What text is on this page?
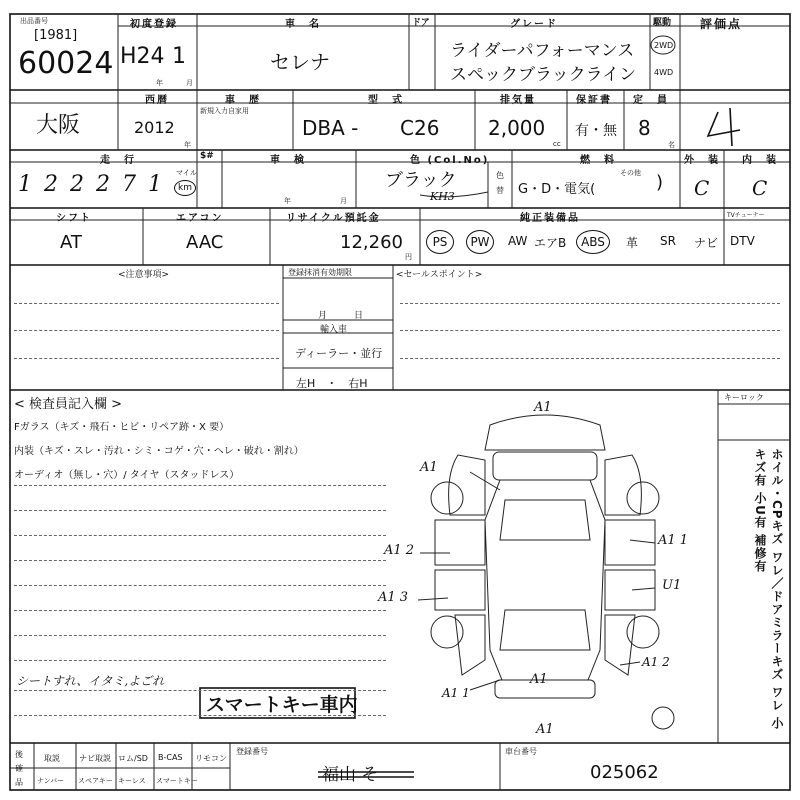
出品番号
[1981]
60024
初度登録
H24 1
年	月
車　名
セレナ
ドア	グレード
ライダーパフォーマンス
スペックブラックライン
駆動
2WD
4WD
評価点
大阪
西暦
2012
年
車　歴
新規入力自家用
型　式
DBA - C26
排気量
2,000
cc
保証書
有・無
定　員
8
名
走　行
122271 マイル
km
$#	車　検
年	月
色 (Col.No)
ブラック
KH3
色替
燃　料
G・D・電気(
その他 )
外　装
C
内　装
C
シフト
AT
エアコン
AAC
リサイクル預託金
12,260
円
純正装備品	TVチューナー
PS	PW	AW エアB	ABS	革 SR ナビ DTV
<注意事項>	登録抹消有効期限
月　　　日
輸入車
ディーラー・並行
左H　・　右H
<セールスポイント>
< 検査員記入欄 >
Fガラス（キズ・飛石・ヒビ・リペア跡・X 要）
内装（キズ・スレ・汚れ・シミ・コゲ・穴・ヘレ・破れ・割れ）
オーディオ（無し・穴）/ タイヤ（スタッドレス）
シートすれ、イタミ,よごれ
スマートキー車内
キーロック
ホイル・CPキズ ワレ／ドアミラーキズ ワレ 小キズ有 小U有 補修有
A1
A1
A1 2
A1 3
A1 1
U1
A1 2
A1 1
A1
A1
後確品
取説 ナビ取説 ロム/SD B-CAS リモコン
ナンバー スペアキー キーレス スマートキー
登録番号
福山 そ
車台番号
025062
